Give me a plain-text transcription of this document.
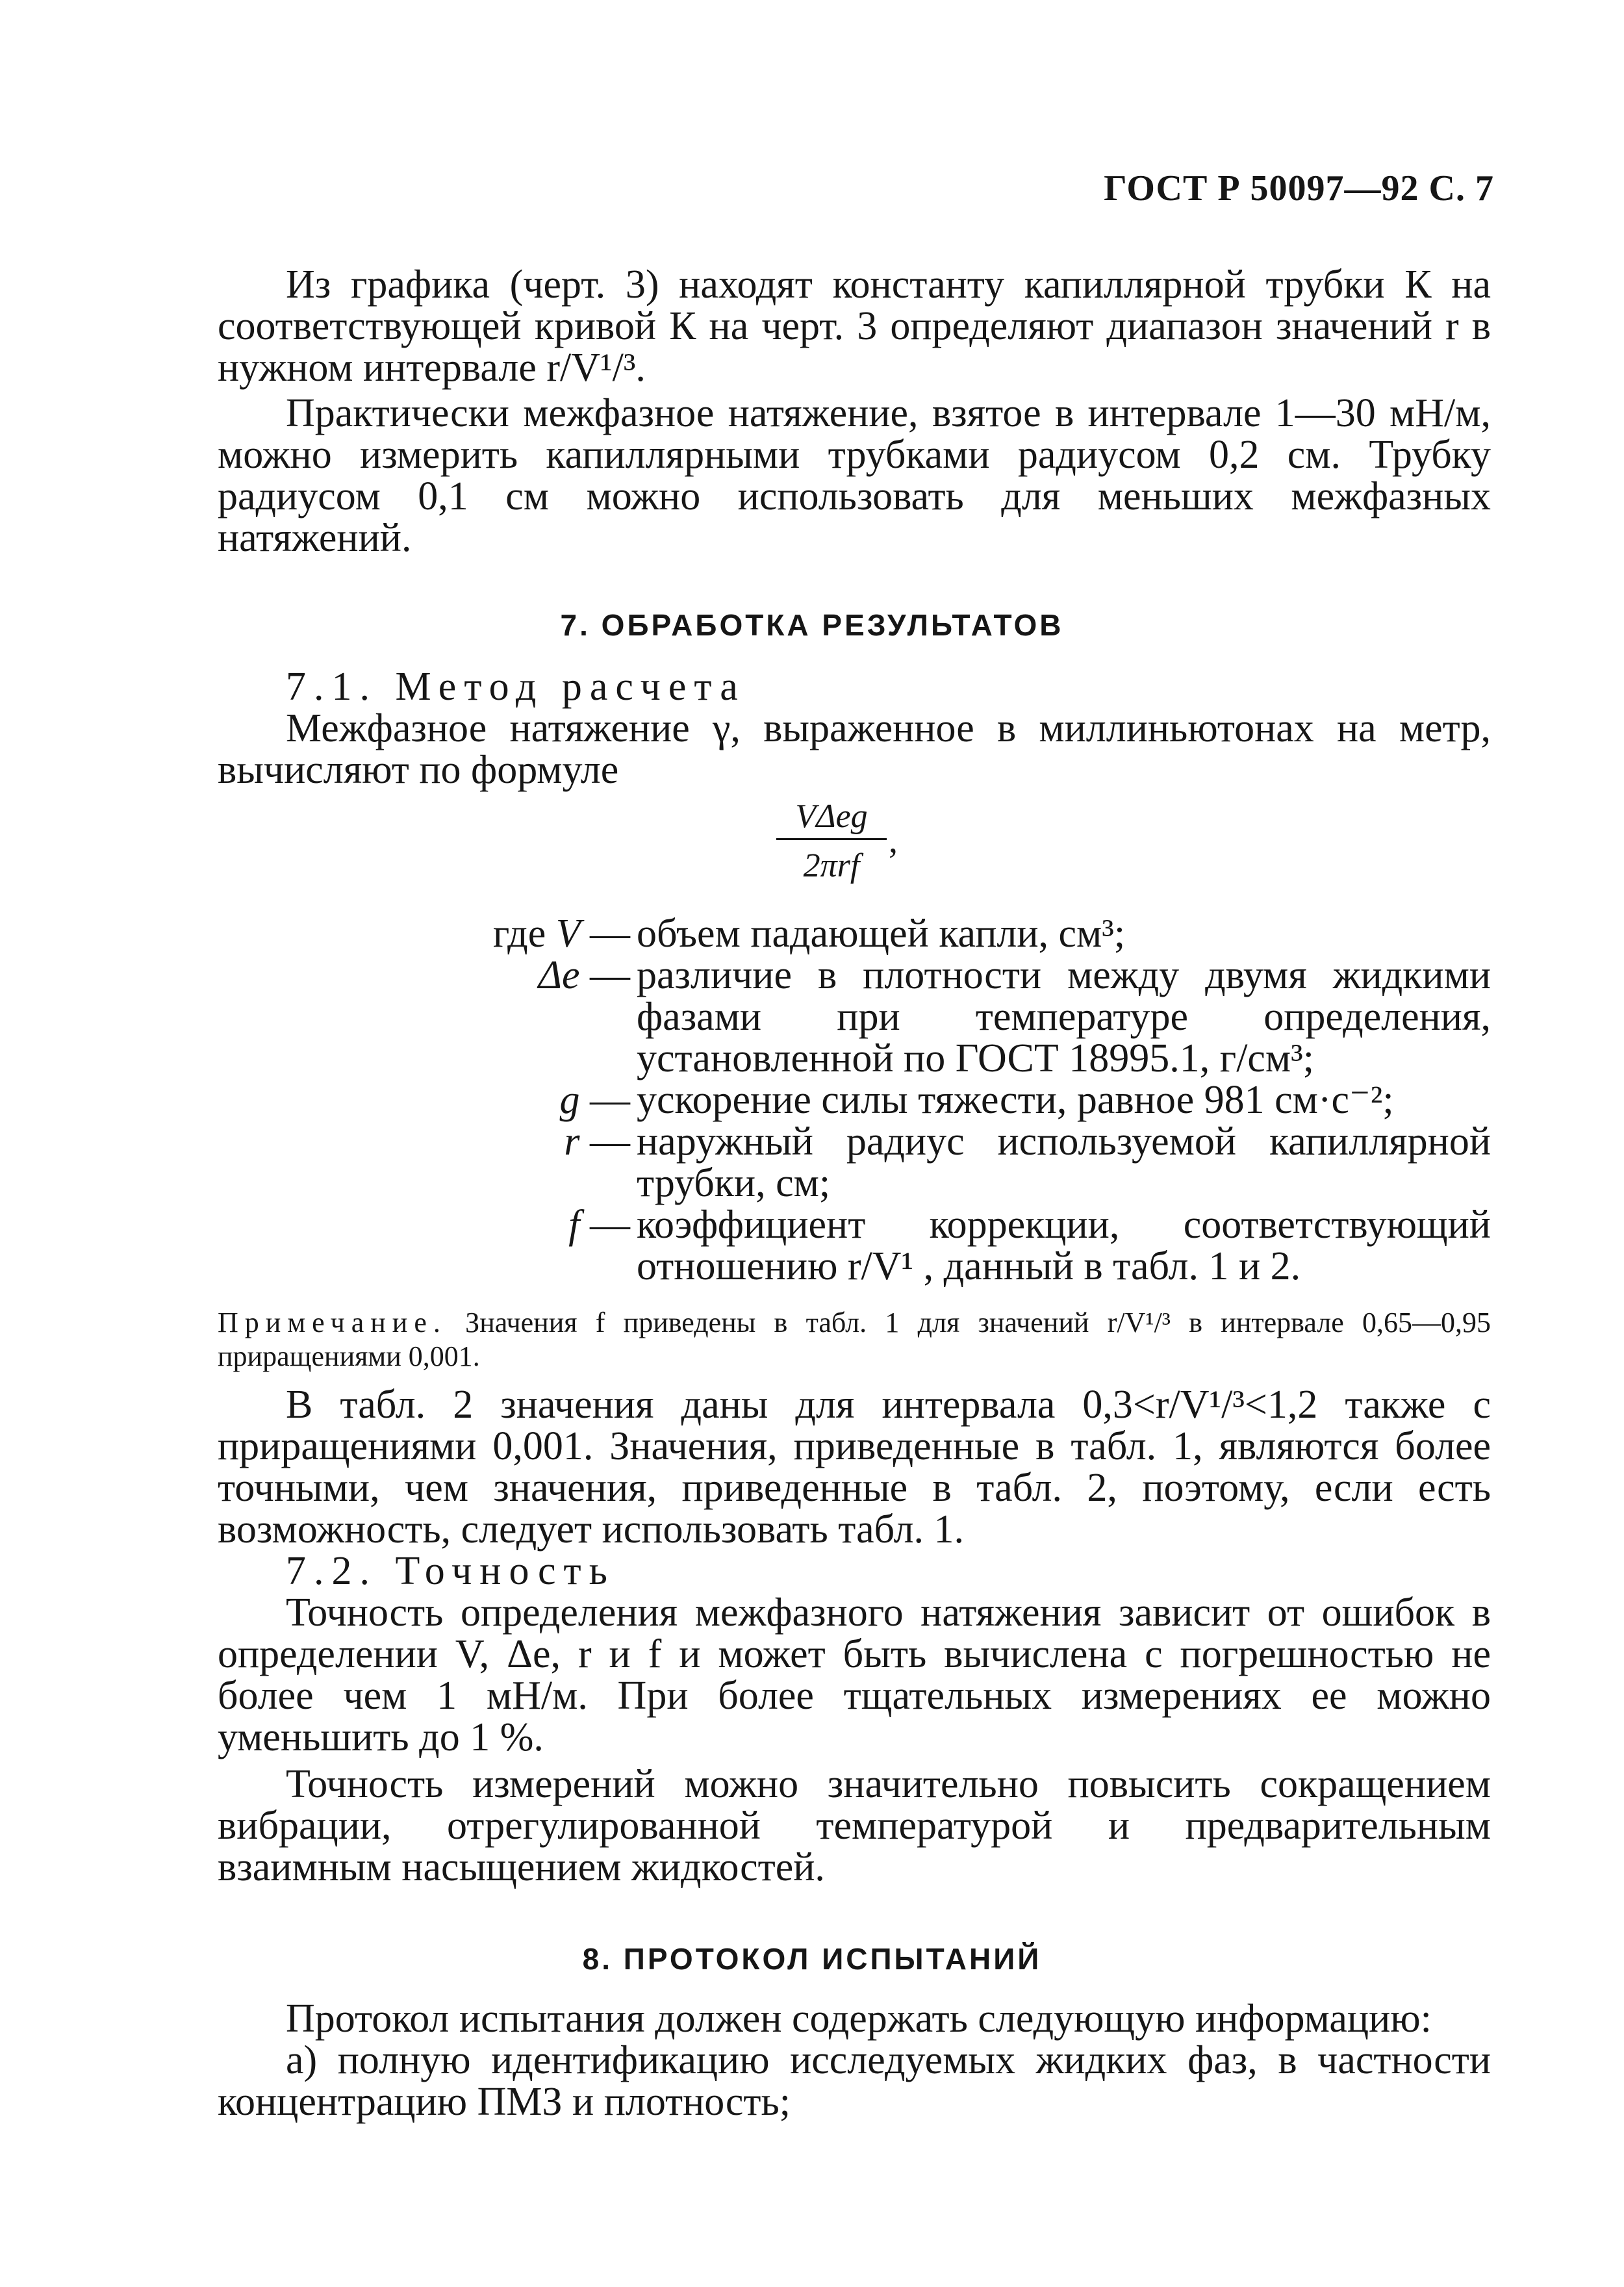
ГОСТ Р 50097—92 С. 7

Из графика (черт. 3) находят константу капиллярной трубки К на соответствующей кривой К на черт. 3 определяют диапазон значений r в нужном интервале r/V¹/³.

Практически межфазное натяжение, взятое в интервале 1—30 мН/м, можно измерить капиллярными трубками радиусом 0,2 см. Трубку радиусом 0,1 см можно использовать для меньших межфазных натяжений.

7. ОБРАБОТКА РЕЗУЛЬТАТОВ

7.1. Метод расчета

Межфазное натяжение γ, выраженное в миллиньютонах на метр, вычисляют по формуле

VΔeg
2πrf
,
где V — объем падающей капли, см³;
Δe — различие в плотности между двумя жидкими фазами при температуре определения, установленной по ГОСТ 18995.1, г/см³;
g — ускорение силы тяжести, равное 981 см·с⁻²;
r — наружный радиус используемой капиллярной трубки, см;
f — коэффициент коррекции, соответствующий отношению r/V¹ , данный в табл. 1 и 2.
Примечание. Значения f приведены в табл. 1 для значений r/V¹/³ в интервале 0,65—0,95 приращениями 0,001.

В табл. 2 значения даны для интервала 0,3<r/V¹/³<1,2 также с приращениями 0,001. Значения, приведенные в табл. 1, являются более точными, чем значения, приведенные в табл. 2, поэтому, если есть возможность, следует использовать табл. 1.

7.2. Точность

Точность определения межфазного натяжения зависит от ошибок в определении V, Δe, r и f и может быть вычислена с погрешностью не более чем 1 мН/м. При более тщательных измерениях ее можно уменьшить до 1 %.

Точность измерений можно значительно повысить сокращением вибрации, отрегулированной температурой и предварительным взаимным насыщением жидкостей.

8. ПРОТОКОЛ ИСПЫТАНИЙ

Протокол испытания должен содержать следующую информацию:

а) полную идентификацию исследуемых жидких фаз, в частности концентрацию ПМЗ и плотность;
